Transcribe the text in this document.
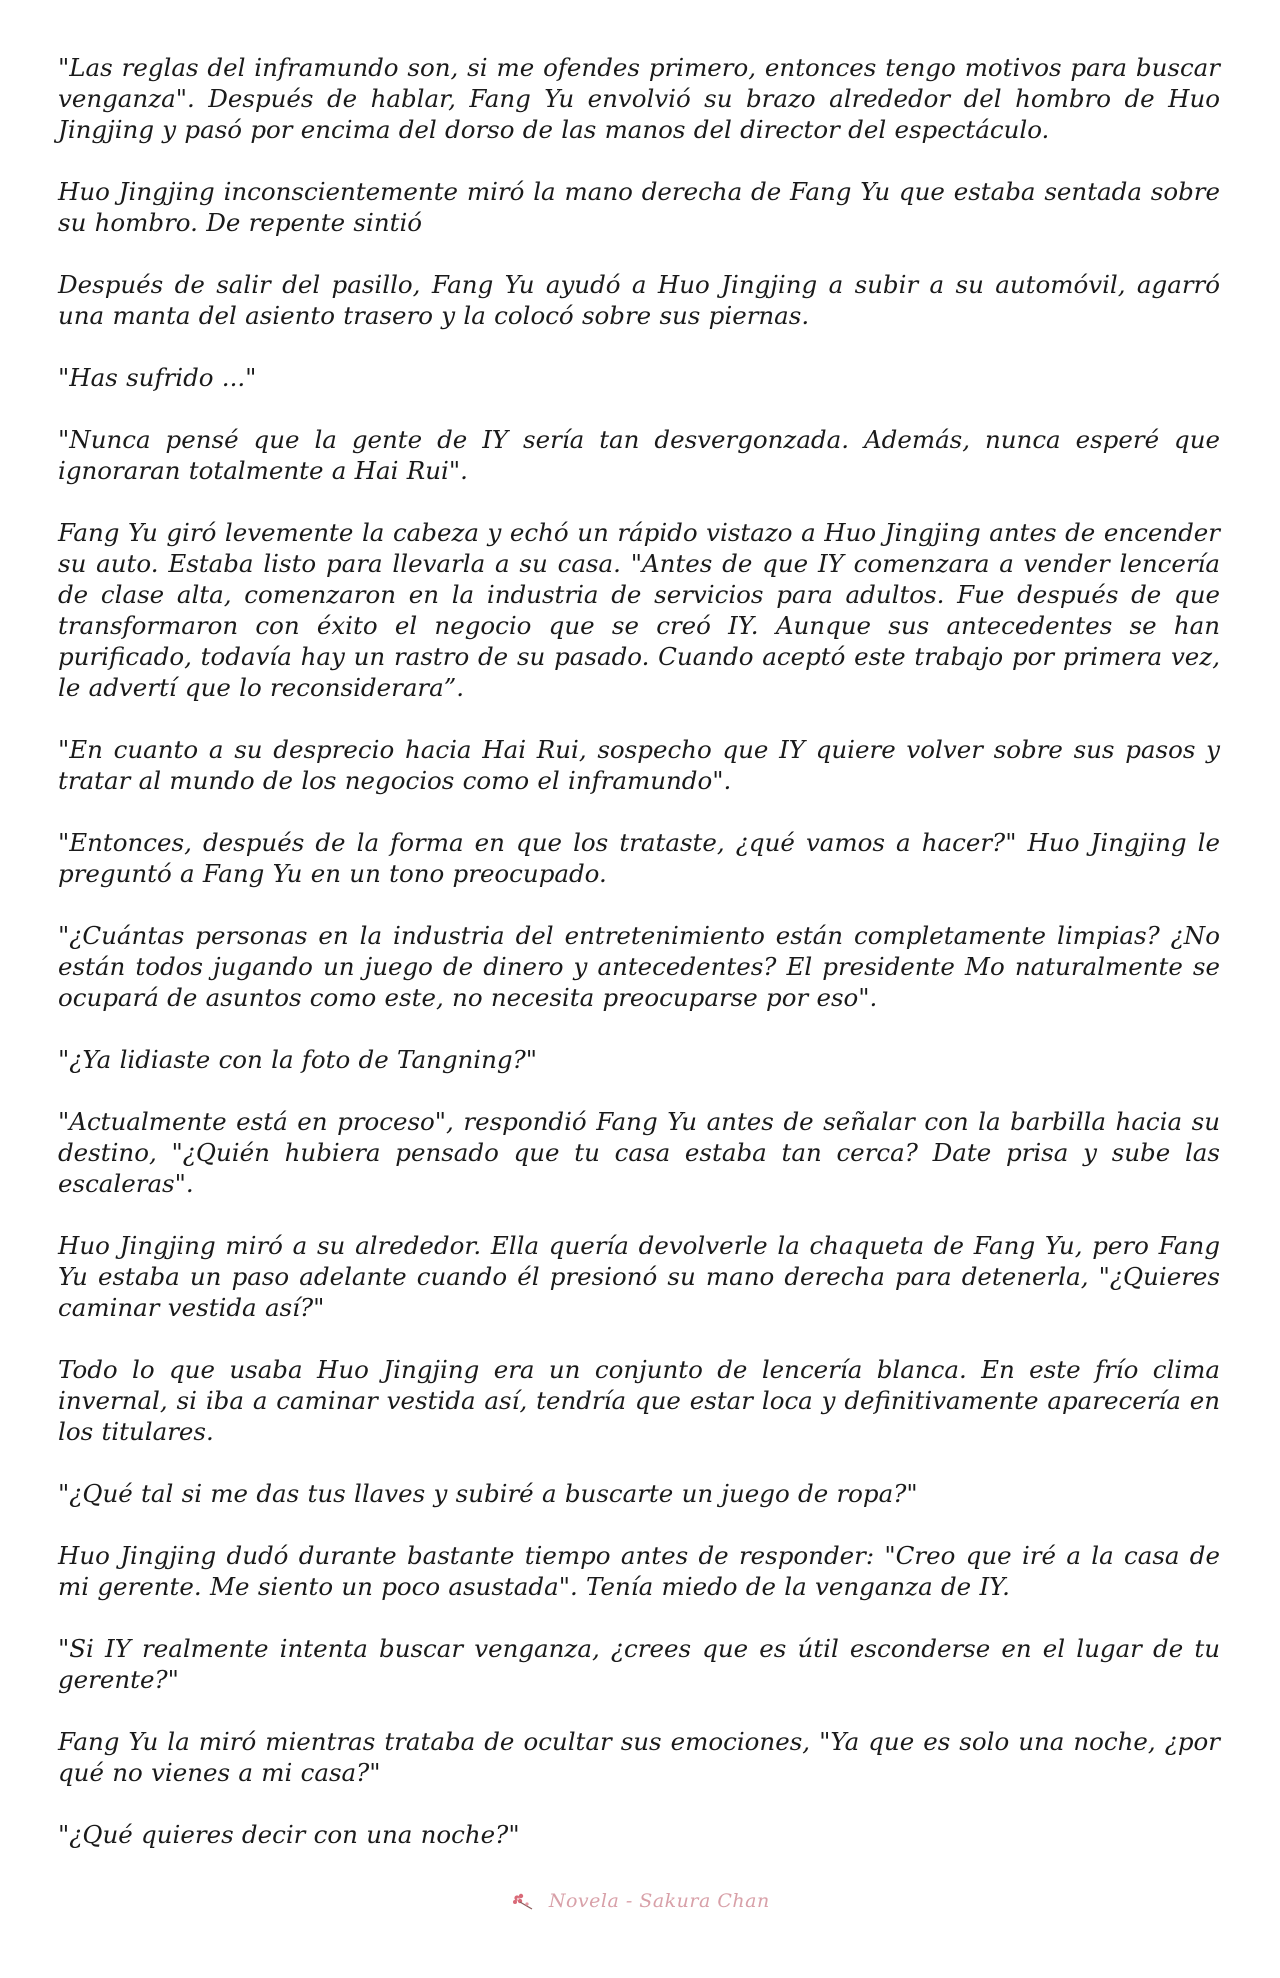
"Las reglas del inframundo son, si me ofendes primero, entonces tengo motivos para buscar venganza". Después de hablar, Fang Yu envolvió su brazo alrededor del hombro de Huo Jingjing y pasó por encima del dorso de las manos del director del espectáculo.

Huo Jingjing inconscientemente miró la mano derecha de Fang Yu que estaba sentada sobre su hombro. De repente sintió

Después de salir del pasillo, Fang Yu ayudó a Huo Jingjing a subir a su automóvil, agarró una manta del asiento trasero y la colocó sobre sus piernas.

"Has sufrido ..."

"Nunca pensé que la gente de IY sería tan desvergonzada. Además, nunca esperé que ignoraran totalmente a Hai Rui".

Fang Yu giró levemente la cabeza y echó un rápido vistazo a Huo Jingjing antes de encender su auto. Estaba listo para llevarla a su casa. "Antes de que IY comenzara a vender lencería de clase alta, comenzaron en la industria de servicios para adultos. Fue después de que transformaron con éxito el negocio que se creó IY. Aunque sus antecedentes se han purificado, todavía hay un rastro de su pasado. Cuando aceptó este trabajo por primera vez, le advertí que lo reconsiderara”.

"En cuanto a su desprecio hacia Hai Rui, sospecho que IY quiere volver sobre sus pasos y tratar al mundo de los negocios como el inframundo".

"Entonces, después de la forma en que los trataste, ¿qué vamos a hacer?" Huo Jingjing le preguntó a Fang Yu en un tono preocupado.

"¿Cuántas personas en la industria del entretenimiento están completamente limpias? ¿No están todos jugando un juego de dinero y antecedentes? El presidente Mo naturalmente se ocupará de asuntos como este, no necesita preocuparse por eso".

"¿Ya lidiaste con la foto de Tangning?"

"Actualmente está en proceso", respondió Fang Yu antes de señalar con la barbilla hacia su destino, "¿Quién hubiera pensado que tu casa estaba tan cerca? Date prisa y sube las escaleras".

Huo Jingjing miró a su alrededor. Ella quería devolverle la chaqueta de Fang Yu, pero Fang Yu estaba un paso adelante cuando él presionó su mano derecha para detenerla, "¿Quieres caminar vestida así?"

Todo lo que usaba Huo Jingjing era un conjunto de lencería blanca. En este frío clima invernal, si iba a caminar vestida así, tendría que estar loca y definitivamente aparecería en los titulares.

"¿Qué tal si me das tus llaves y subiré a buscarte un juego de ropa?"

Huo Jingjing dudó durante bastante tiempo antes de responder: "Creo que iré a la casa de mi gerente. Me siento un poco asustada". Tenía miedo de la venganza de IY.

"Si IY realmente intenta buscar venganza, ¿crees que es útil esconderse en el lugar de tu gerente?"

Fang Yu la miró mientras trataba de ocultar sus emociones, "Ya que es solo una noche, ¿por qué no vienes a mi casa?"

"¿Qué quieres decir con una noche?"

Novela - Sakura Chan
